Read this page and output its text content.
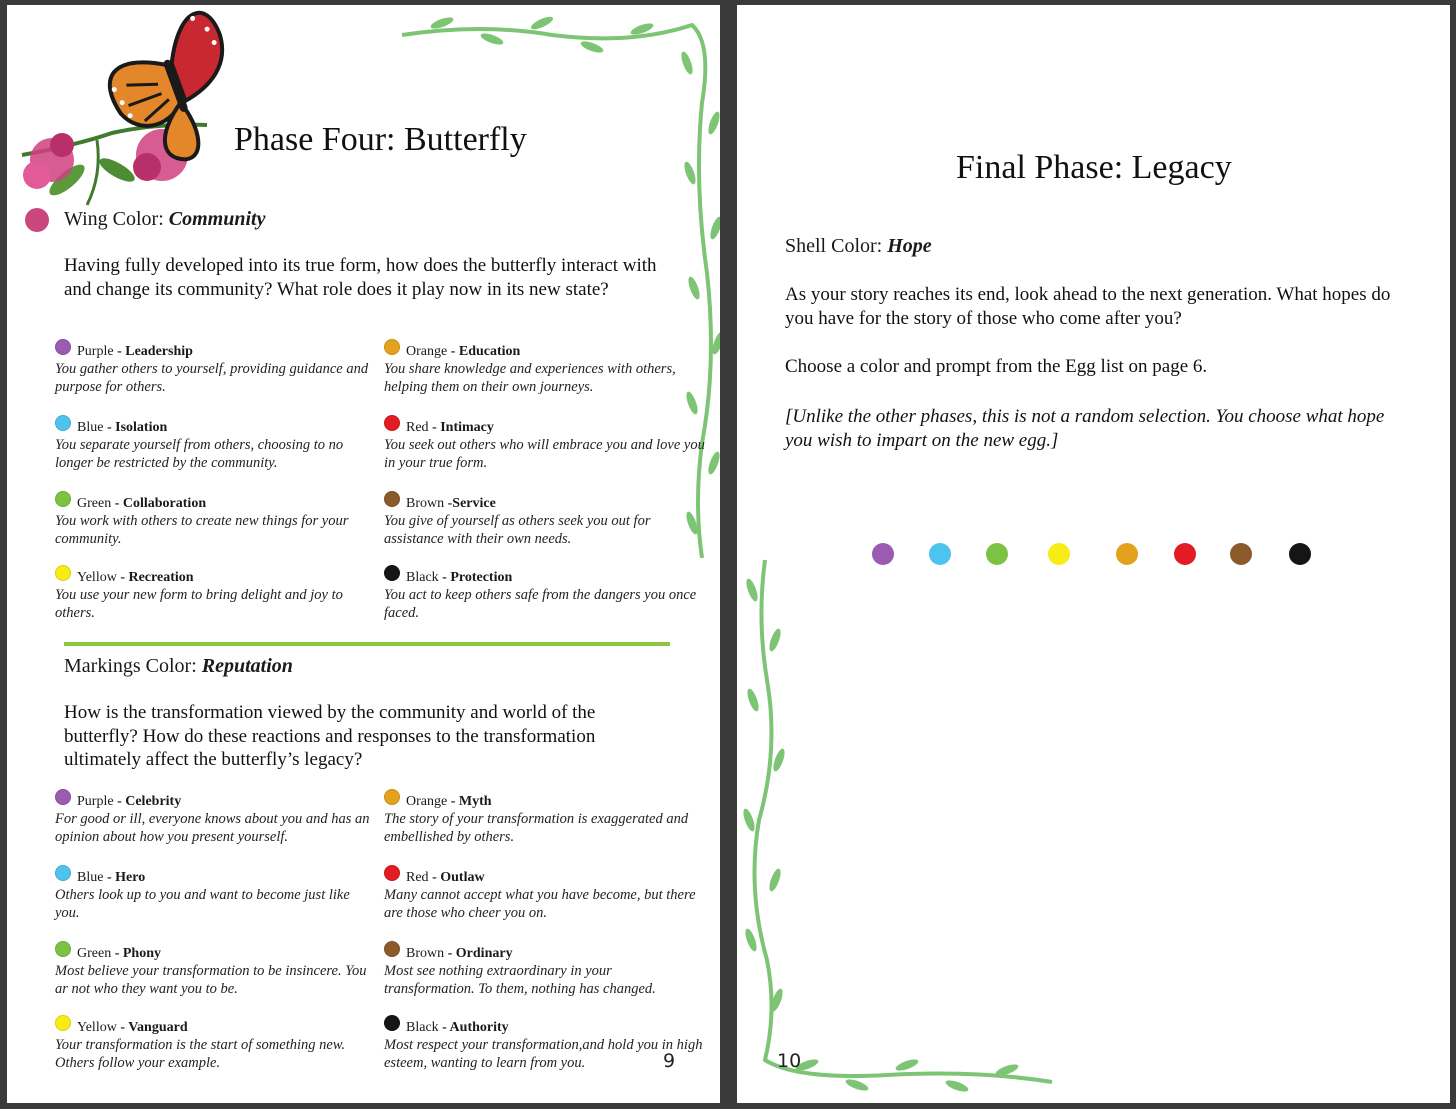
Phase Four: Butterfly
Wing Color: Community
Having fully developed into its true form, how does the butterfly interact with and change its community? What role does it play now in its new state?
Markings Color: Reputation
How is the transformation viewed by the community and world of the butterfly? How do these reactions and responses to the transformation ultimately affect the butterfly’s legacy?
9
Purple - Leadership
You gather others to yourself, providing guidance and purpose for others.
Blue - Isolation
You separate yourself from others, choosing to no longer be restricted by the community.
Green - Collaboration
You work with others to create new things for your community.
Yellow - Recreation
You use your new form to bring delight and joy to others.
Orange - Education
You share knowledge and experiences with others, helping them on their own journeys.
Red - Intimacy
You seek out others who will embrace you and love you in your true form.
Brown -Service
You give of yourself as others seek you out for assistance with their own needs.
Black - Protection
You act to keep others safe from the dangers you once faced.
Purple - Celebrity
For good or ill, everyone knows about you and has an opinion about how you present yourself.
Blue - Hero
Others look up to you and want to become just like you.
Green - Phony
Most believe your transformation to be insincere. You ar not who they want you to be.
Yellow - Vanguard
Your transformation is the start of something new. Others follow your example.
Orange - Myth
The story of your transformation is exaggerated and embellished by others.
Red - Outlaw
Many cannot accept what you have become, but there are those who cheer you on.
Brown - Ordinary
Most see nothing extraordinary in your transformation. To them, nothing has changed.
Black - Authority
Most respect your transformation,and hold you in high esteem, wanting to learn from you.
Final Phase: Legacy
Shell Color: Hope
As your story reaches its end, look ahead to the next generation. What hopes do you have for the story of those who come after you?
Choose a color and prompt from the Egg list on page 6.
[Unlike the other phases, this is not a random selection. You choose what hope you wish to impart on the new egg.]
10
